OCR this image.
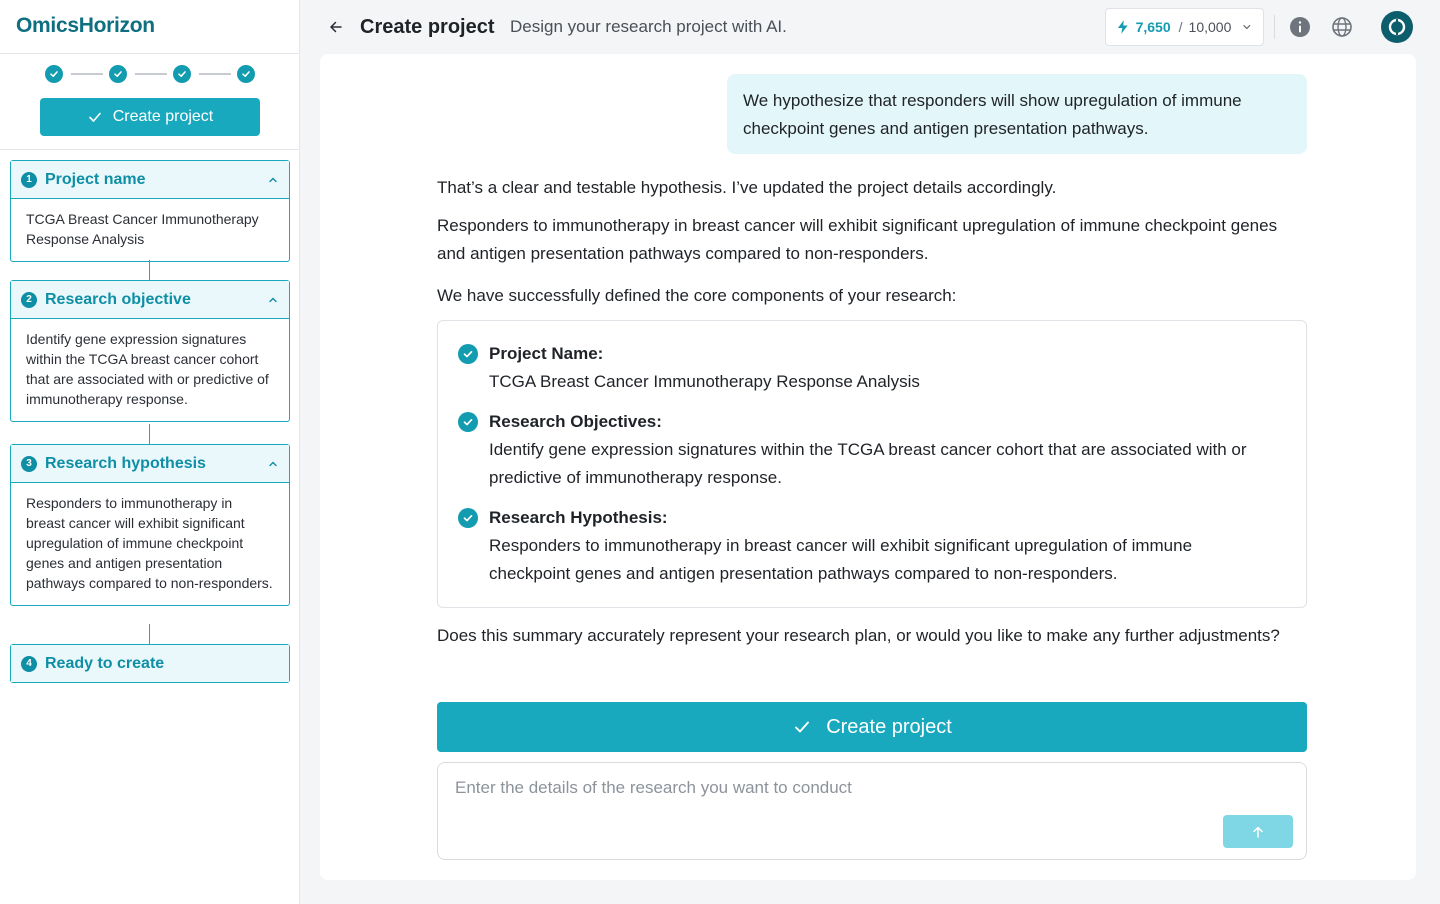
OmicsHorizon
Create project
1 Project name
TCGA Breast Cancer Immunotherapy Response Analysis
2 Research objective
Identify gene expression signatures within the TCGA breast cancer cohort that are associated with or predictive of immunotherapy response.
3 Research hypothesis
Responders to immunotherapy in breast cancer will exhibit significant upregulation of immune checkpoint genes and antigen presentation pathways compared to non-responders.
4 Ready to create
Create project Design your research project with AI.	7,650 / 10,000
We hypothesize that responders will show upregulation of immune checkpoint genes and antigen presentation pathways.
That’s a clear and testable hypothesis. I’ve updated the project details accordingly.
Responders to immunotherapy in breast cancer will exhibit significant upregulation of immune checkpoint genes and antigen presentation pathways compared to non-responders.
We have successfully defined the core components of your research:
Project Name:
TCGA Breast Cancer Immunotherapy Response Analysis
Research Objectives:
Identify gene expression signatures within the TCGA breast cancer cohort that are associated with or predictive of immunotherapy response.
Research Hypothesis:
Responders to immunotherapy in breast cancer will exhibit significant upregulation of immune checkpoint genes and antigen presentation pathways compared to non-responders.
Does this summary accurately represent your research plan, or would you like to make any further adjustments?
Create project
Enter the details of the research you want to conduct
